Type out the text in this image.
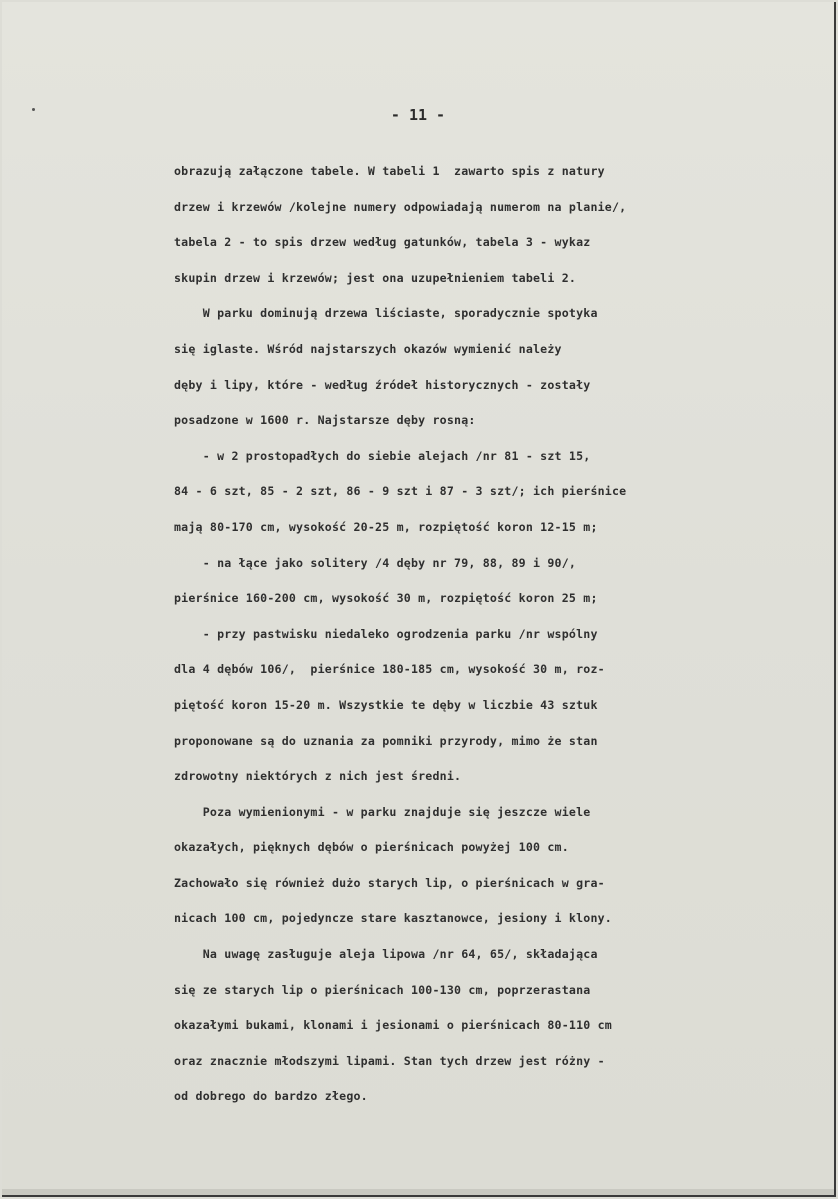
- 11 -
obrazują załączone tabele. W tabeli 1  zawarto spis z natury
drzew i krzewów /kolejne numery odpowiadają numerom na planie/,
tabela 2 - to spis drzew według gatunków, tabela 3 - wykaz
skupin drzew i krzewów; jest ona uzupełnieniem tabeli 2.
W parku dominują drzewa liściaste, sporadycznie spotyka
się iglaste. Wśród najstarszych okazów wymienić należy
dęby i lipy, które - według źródeł historycznych - zostały
posadzone w 1600 r. Najstarsze dęby rosną:
- w 2 prostopadłych do siebie alejach /nr 81 - szt 15,
84 - 6 szt, 85 - 2 szt, 86 - 9 szt i 87 - 3 szt/; ich pierśnice
mają 80-170 cm, wysokość 20-25 m, rozpiętość koron 12-15 m;
- na łące jako solitery /4 dęby nr 79, 88, 89 i 90/,
pierśnice 160-200 cm, wysokość 30 m, rozpiętość koron 25 m;
- przy pastwisku niedaleko ogrodzenia parku /nr wspólny
dla 4 dębów 106/,  pierśnice 180-185 cm, wysokość 30 m, roz-
piętość koron 15-20 m. Wszystkie te dęby w liczbie 43 sztuk
proponowane są do uznania za pomniki przyrody, mimo że stan
zdrowotny niektórych z nich jest średni.
Poza wymienionymi - w parku znajduje się jeszcze wiele
okazałych, pięknych dębów o pierśnicach powyżej 100 cm.
Zachowało się również dużo starych lip, o pierśnicach w gra-
nicach 100 cm, pojedyncze stare kasztanowce, jesiony i klony.
Na uwagę zasługuje aleja lipowa /nr 64, 65/, składająca
się ze starych lip o pierśnicach 100-130 cm, poprzerastana
okazałymi bukami, klonami i jesionami o pierśnicach 80-110 cm
oraz znacznie młodszymi lipami. Stan tych drzew jest różny -
od dobrego do bardzo złego.
